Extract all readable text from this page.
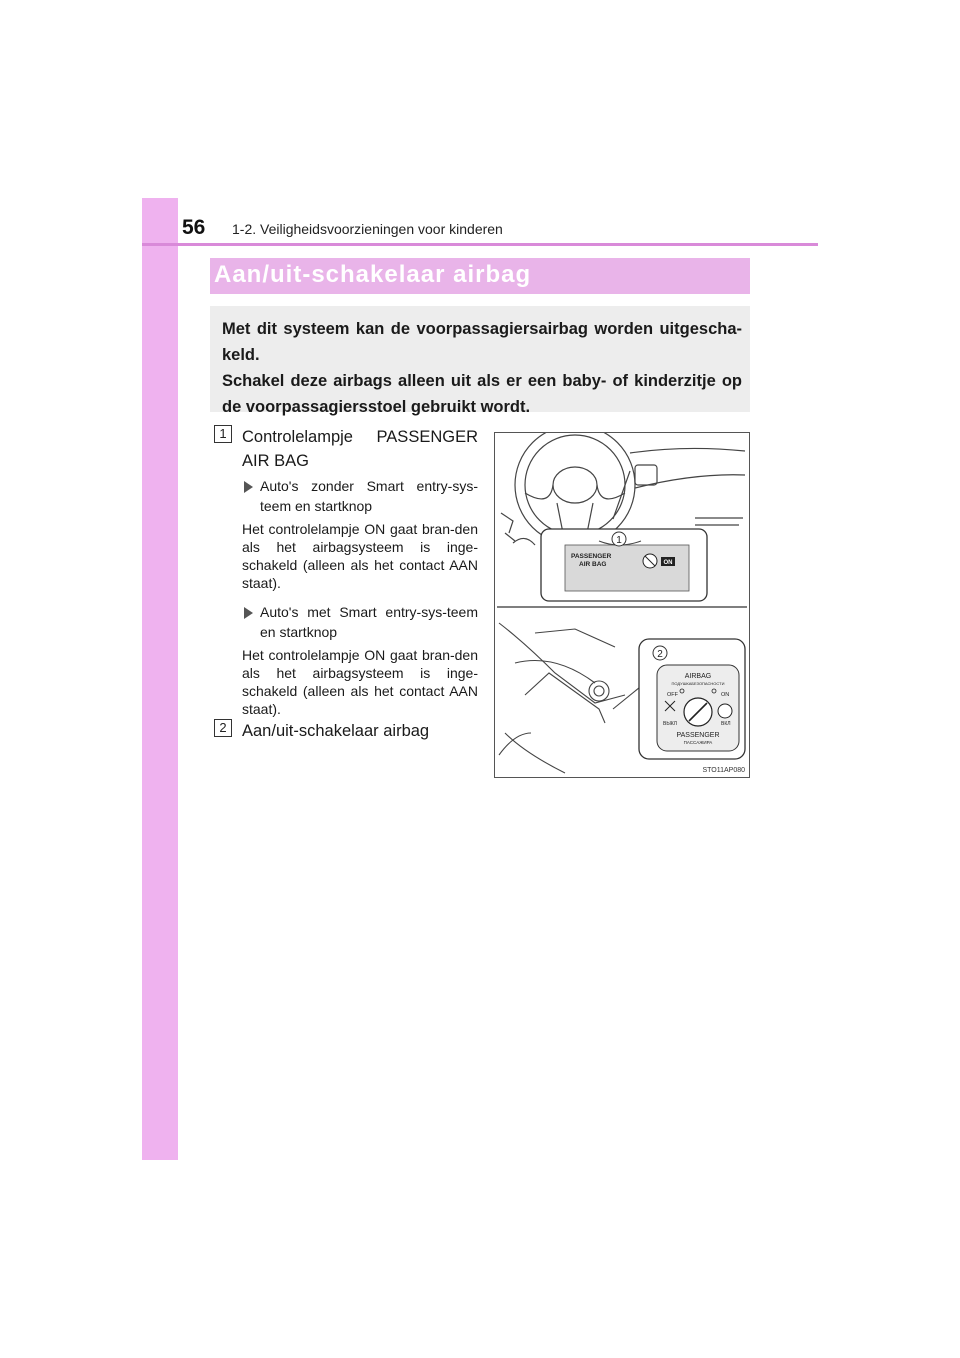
56 1-2. Veiligheidsvoorzieningen voor kinderen
Aan/uit-schakelaar airbag

Met dit systeem kan de voorpassagiersairbag worden uitgescha-keld.

Schakel deze airbags alleen uit als er een baby- of kinderzitje op de voorpassagiersstoel gebruikt wordt.

1 Controlelampje PASSENGER AIR BAG
Auto's zonder Smart entry-sys-teem en startknop
Het controlelampje ON gaat bran-den als het airbagsysteem is inge-schakeld (alleen als het contact AAN staat).
Auto's met Smart entry-sys-teem en startknop
Het controlelampje ON gaat bran-den als het airbagsysteem is inge-schakeld (alleen als het contact AAN staat).
2 Aan/uit-schakelaar airbag
1
PASSENGER
AIR BAG	ON
2
AIRBAG
ПОДУШКАБЕЗОПАСНОСТИ
OFF	ON
ВЫКЛ	ВКЛ
PASSENGER
ПАССАЖИРА
STO11AP080
